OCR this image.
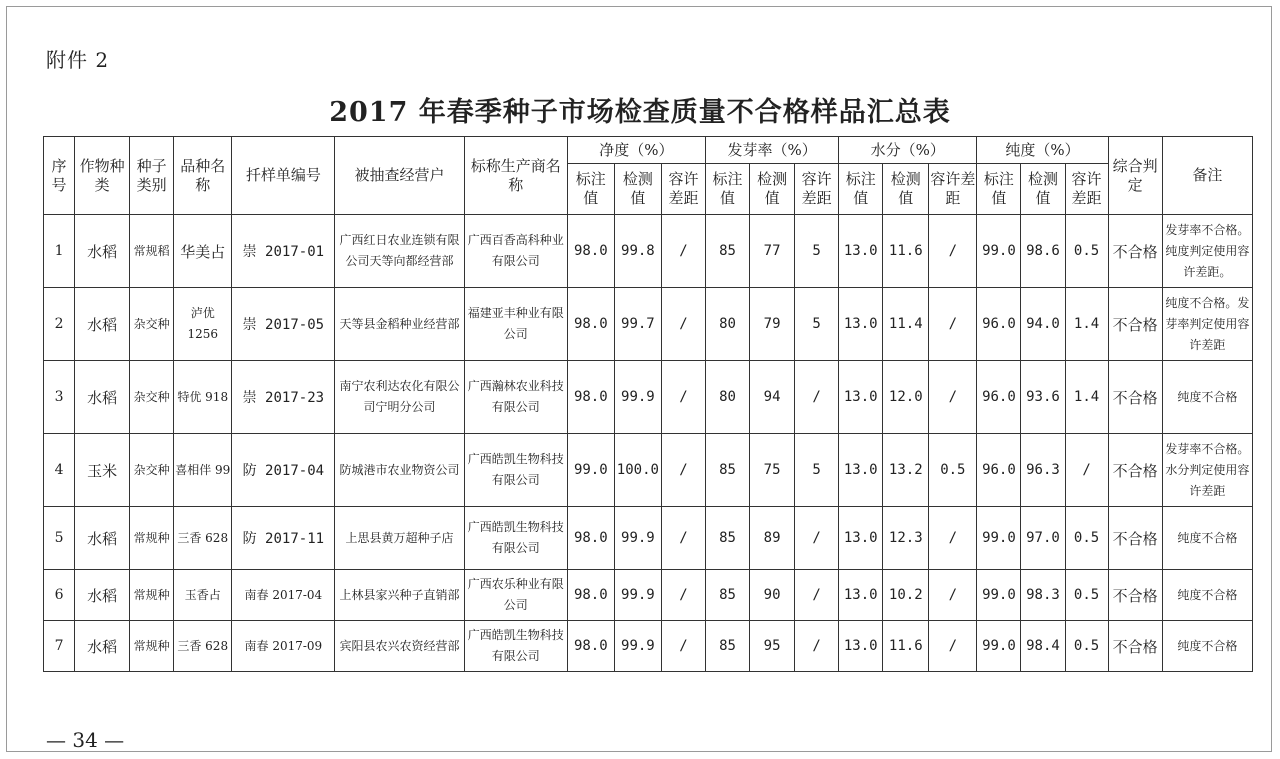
附件 2
2017 年春季种子市场检查质量不合格样品汇总表
序号	作物种类	种子类别	品种名称	扦样单编号	被抽查经营户	标称生产商名称	净度（%）			发芽率（%）			水分（%）			纯度（%）			综合判定	备注
							标注值	检测值	容许差距	标注值	检测值	容许差距	标注值	检测值	容许差距	标注值	检测值	容许差距		
1	水稻	常规稻	华美占	崇 2017-01	广西红日农业连锁有限公司天等向都经营部	广西百香高科种业有限公司	98.0	99.8	/	85	77	5	13.0	11.6	/	99.0	98.6	0.5	不合格	发芽率不合格。纯度判定使用容许差距。
2	水稻	杂交种	泸优 1256	崇 2017-05	天等县金稻种业经营部	福建亚丰种业有限公司	98.0	99.7	/	80	79	5	13.0	11.4	/	96.0	94.0	1.4	不合格	纯度不合格。发芽率判定使用容许差距
3	水稻	杂交种	特优 918	崇 2017-23	南宁农利达农化有限公司宁明分公司	广西瀚林农业科技有限公司	98.0	99.9	/	80	94	/	13.0	12.0	/	96.0	93.6	1.4	不合格	纯度不合格
4	玉米	杂交种	喜相伴 99	防 2017-04	防城港市农业物资公司	广西皓凯生物科技有限公司	99.0	100.0	/	85	75	5	13.0	13.2	0.5	96.0	96.3	/	不合格	发芽率不合格。水分判定使用容许差距
5	水稻	常规种	三香 628	防 2017-11	上思县黄万超种子店	广西皓凯生物科技有限公司	98.0	99.9	/	85	89	/	13.0	12.3	/	99.0	97.0	0.5	不合格	纯度不合格
6	水稻	常规种	玉香占	南春 2017-04	上林县家兴种子直销部	广西农乐种业有限公司	98.0	99.9	/	85	90	/	13.0	10.2	/	99.0	98.3	0.5	不合格	纯度不合格
7	水稻	常规种	三香 628	南春 2017-09	宾阳县农兴农资经营部	广西皓凯生物科技有限公司	98.0	99.9	/	85	95	/	13.0	11.6	/	99.0	98.4	0.5	不合格	纯度不合格
— 34 —
